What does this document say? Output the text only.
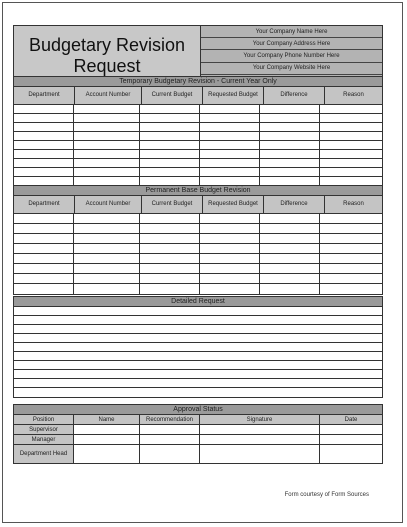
Budgetary Revision Request
Your Company Name Here
Your Company Address Here
Your Company Phone Number Here
Your Company Website Here
Temporary Budgetary Revision - Current Year Only
Department	Account Number	Current Budget	Requested Budget	Difference	Reason
Permanent Base Budget Revision
Department	Account Number	Current Budget	Requested Budget	Difference	Reason
Detailed Request
Approval Status
Position	Name	Recommendation	Signature	Date
Supervisor
Manager
Department Head
Form courtesy of Form Sources
